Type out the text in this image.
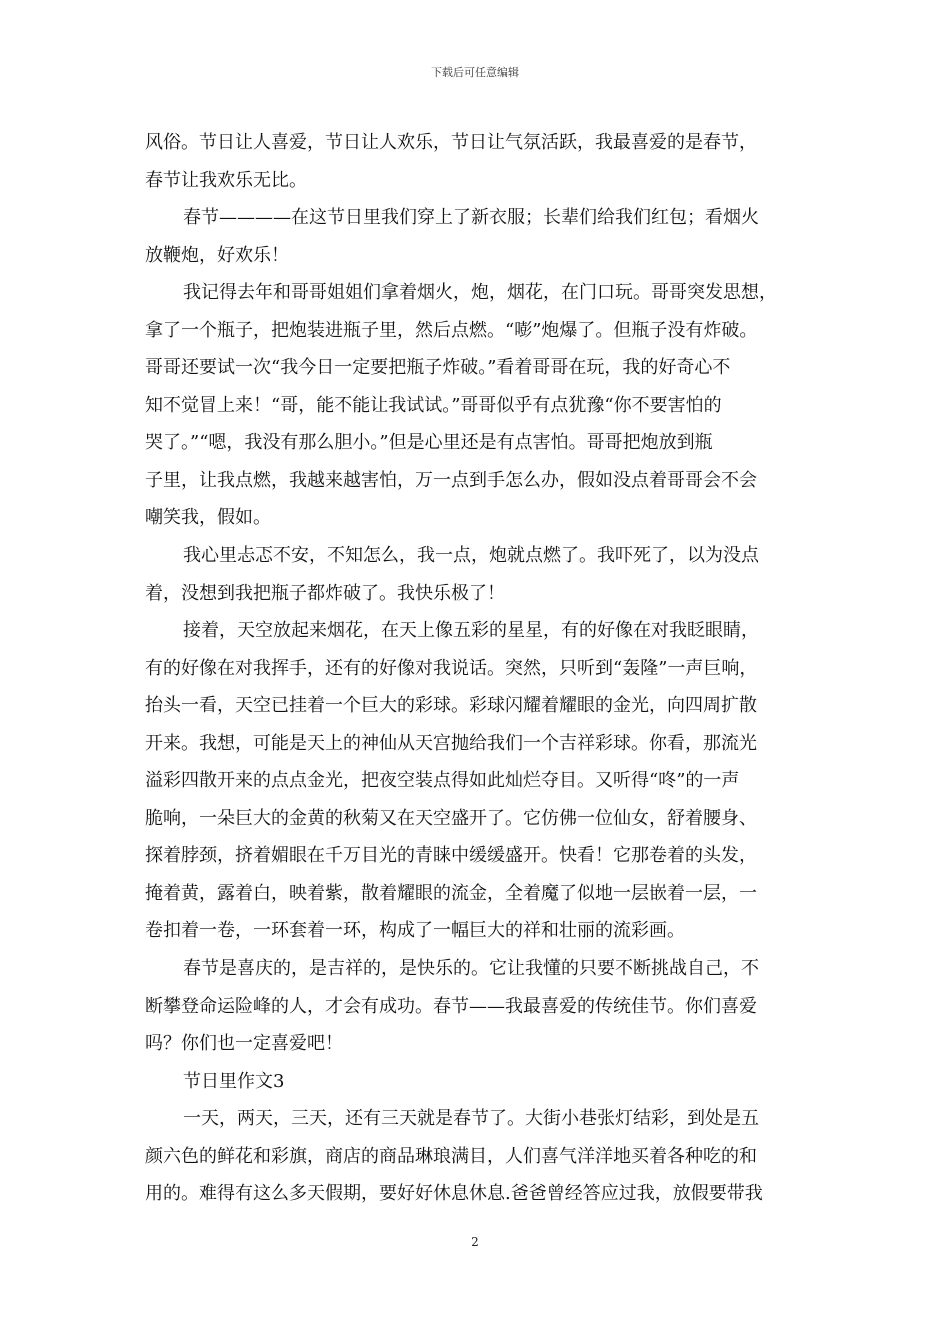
下载后可任意编辑
风俗。节日让人喜爱，节日让人欢乐，节日让气氛活跃，我最喜爱的是春节，
春节让我欢乐无比。
春节————在这节日里我们穿上了新衣服；长辈们给我们红包；看烟火
放鞭炮，好欢乐！
我记得去年和哥哥姐姐们拿着烟火，炮，烟花，在门口玩。哥哥突发思想，
拿了一个瓶子，把炮装进瓶子里，然后点燃。“嘭”炮爆了。但瓶子没有炸破。
哥哥还要试一次“我今日一定要把瓶子炸破。”看着哥哥在玩，我的好奇心不
知不觉冒上来！“哥，能不能让我试试。”哥哥似乎有点犹豫“你不要害怕的
哭了。”“嗯，我没有那么胆小。”但是心里还是有点害怕。哥哥把炮放到瓶
子里，让我点燃，我越来越害怕，万一点到手怎么办，假如没点着哥哥会不会
嘲笑我，假如。
我心里忐忑不安，不知怎么，我一点，炮就点燃了。我吓死了，以为没点
着，没想到我把瓶子都炸破了。我快乐极了！
接着，天空放起来烟花，在天上像五彩的星星，有的好像在对我眨眼睛，
有的好像在对我挥手，还有的好像对我说话。突然，只听到“轰隆”一声巨响，
抬头一看，天空已挂着一个巨大的彩球。彩球闪耀着耀眼的金光，向四周扩散
开来。我想，可能是天上的神仙从天宫抛给我们一个吉祥彩球。你看，那流光
溢彩四散开来的点点金光，把夜空装点得如此灿烂夺目。又听得“咚”的一声
脆响，一朵巨大的金黄的秋菊又在天空盛开了。它仿佛一位仙女，舒着腰身、
探着脖颈，挤着媚眼在千万目光的青睐中缓缓盛开。快看！它那卷着的头发，
掩着黄，露着白，映着紫，散着耀眼的流金，全着魔了似地一层嵌着一层，一
卷扣着一卷，一环套着一环，构成了一幅巨大的祥和壮丽的流彩画。
春节是喜庆的，是吉祥的，是快乐的。它让我懂的只要不断挑战自己，不
断攀登命运险峰的人，才会有成功。春节——我最喜爱的传统佳节。你们喜爱
吗？你们也一定喜爱吧！
节日里作文3
一天，两天，三天，还有三天就是春节了。大街小巷张灯结彩，到处是五
颜六色的鲜花和彩旗，商店的商品琳琅满目，人们喜气洋洋地买着各种吃的和
用的。难得有这么多天假期，要好好休息休息.爸爸曾经答应过我，放假要带我
2
